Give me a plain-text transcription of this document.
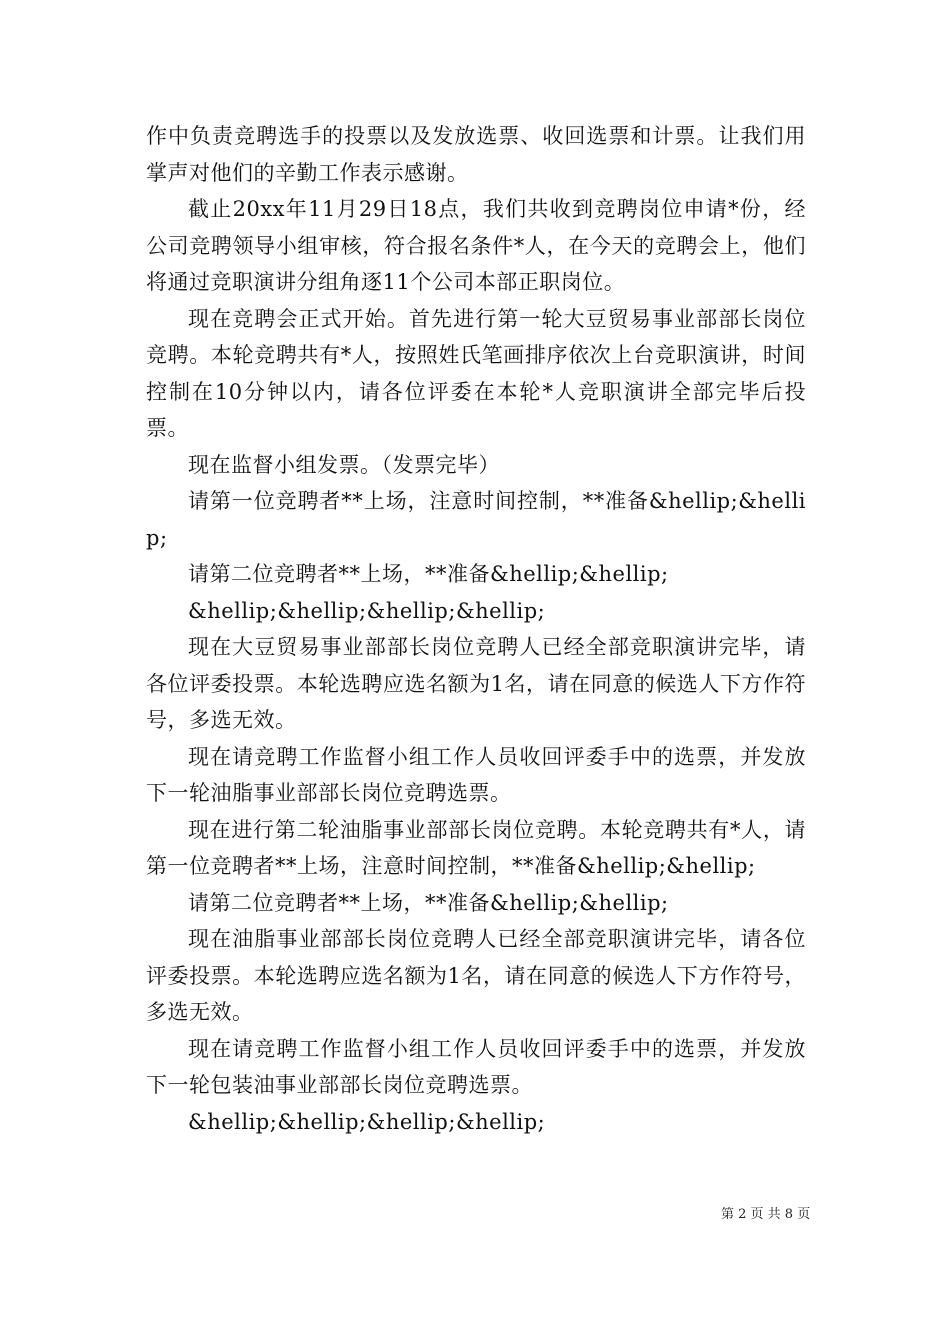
作中负责竞聘选手的投票以及发放选票、收回选票和计票。让我们用掌声对他们的辛勤工作表示感谢。

截止20xx年11月29日18点，我们共收到竞聘岗位申请*份，经公司竞聘领导小组审核，符合报名条件*人，在今天的竞聘会上，他们将通过竞职演讲分组角逐11个公司本部正职岗位。

现在竞聘会正式开始。首先进行第一轮大豆贸易事业部部长岗位竞聘。本轮竞聘共有*人，按照姓氏笔画排序依次上台竞职演讲，时间控制在10分钟以内，请各位评委在本轮*人竞职演讲全部完毕后投票。

现在监督小组发票。（发票完毕）

请第一位竞聘者**上场，注意时间控制，**准备&hellip;&hellip;

请第二位竞聘者**上场，**准备&hellip;&hellip;

&hellip;&hellip;&hellip;&hellip;

现在大豆贸易事业部部长岗位竞聘人已经全部竞职演讲完毕，请各位评委投票。本轮选聘应选名额为1名，请在同意的候选人下方作符号，多选无效。

现在请竞聘工作监督小组工作人员收回评委手中的选票，并发放下一轮油脂事业部部长岗位竞聘选票。

现在进行第二轮油脂事业部部长岗位竞聘。本轮竞聘共有*人，请第一位竞聘者**上场，注意时间控制，**准备&hellip;&hellip;

请第二位竞聘者**上场，**准备&hellip;&hellip;

现在油脂事业部部长岗位竞聘人已经全部竞职演讲完毕，请各位评委投票。本轮选聘应选名额为1名，请在同意的候选人下方作符号，多选无效。

现在请竞聘工作监督小组工作人员收回评委手中的选票，并发放下一轮包装油事业部部长岗位竞聘选票。

&hellip;&hellip;&hellip;&hellip;

第 2 页 共 8 页
